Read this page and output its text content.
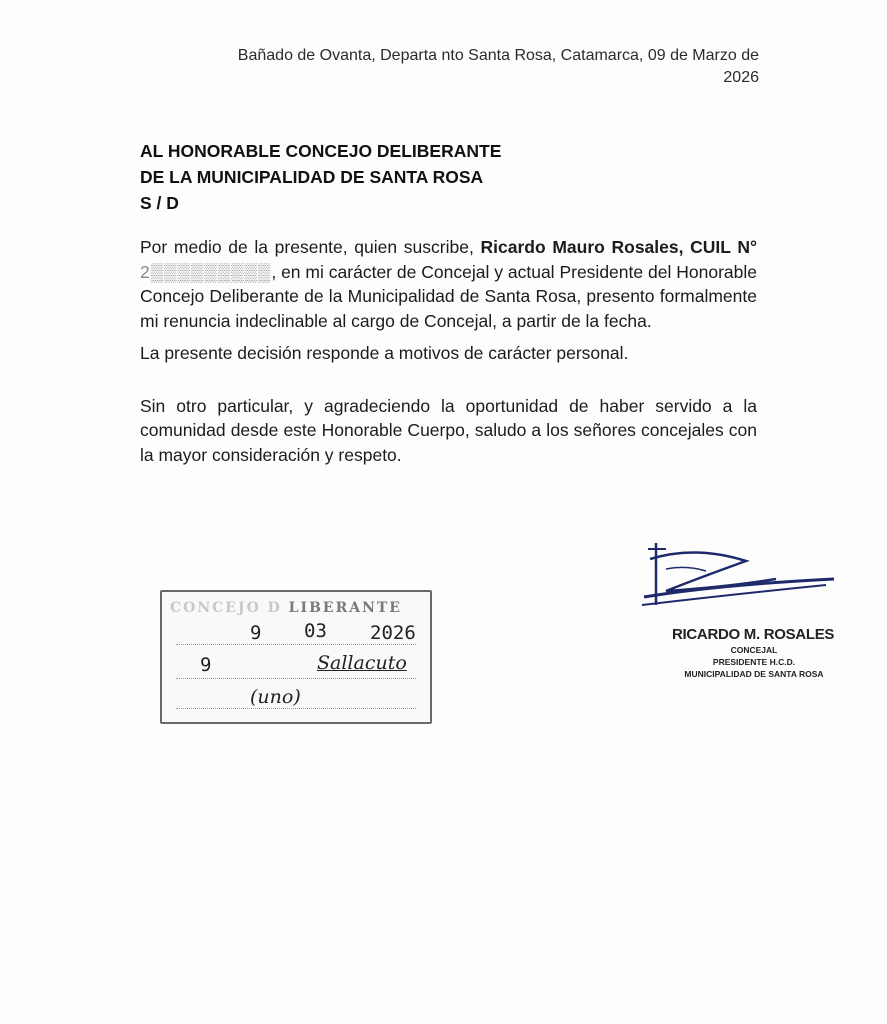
Bañado de Ovanta, Departa nto Santa Rosa, Catamarca, 09 de Marzo de
2026
AL HONORABLE CONCEJO DELIBERANTE
DE LA MUNICIPALIDAD DE SANTA ROSA
S / D

Por medio de la presente, quien suscribe, Ricardo Mauro Rosales, CUIL N° 2▒▒▒▒▒▒▒▒▒, en mi carácter de Concejal y actual Presidente del Honorable Concejo Deliberante de la Municipalidad de Santa Rosa, presento formalmente mi renuncia indeclinable al cargo de Concejal, a partir de la fecha.

La presente decisión responde a motivos de carácter personal.

Sin otro particular, y agradeciendo la oportunidad de haber servido a la comunidad desde este Honorable Cuerpo, saludo a los señores concejales con la mayor consideración y respeto.

CONCEJO D LIBERANTE
9 03 2026
9	Sallacuto
(uno)
RICARDO M. ROSALES
CONCEJAL
PRESIDENTE H.C.D.
MUNICIPALIDAD DE SANTA ROSA
